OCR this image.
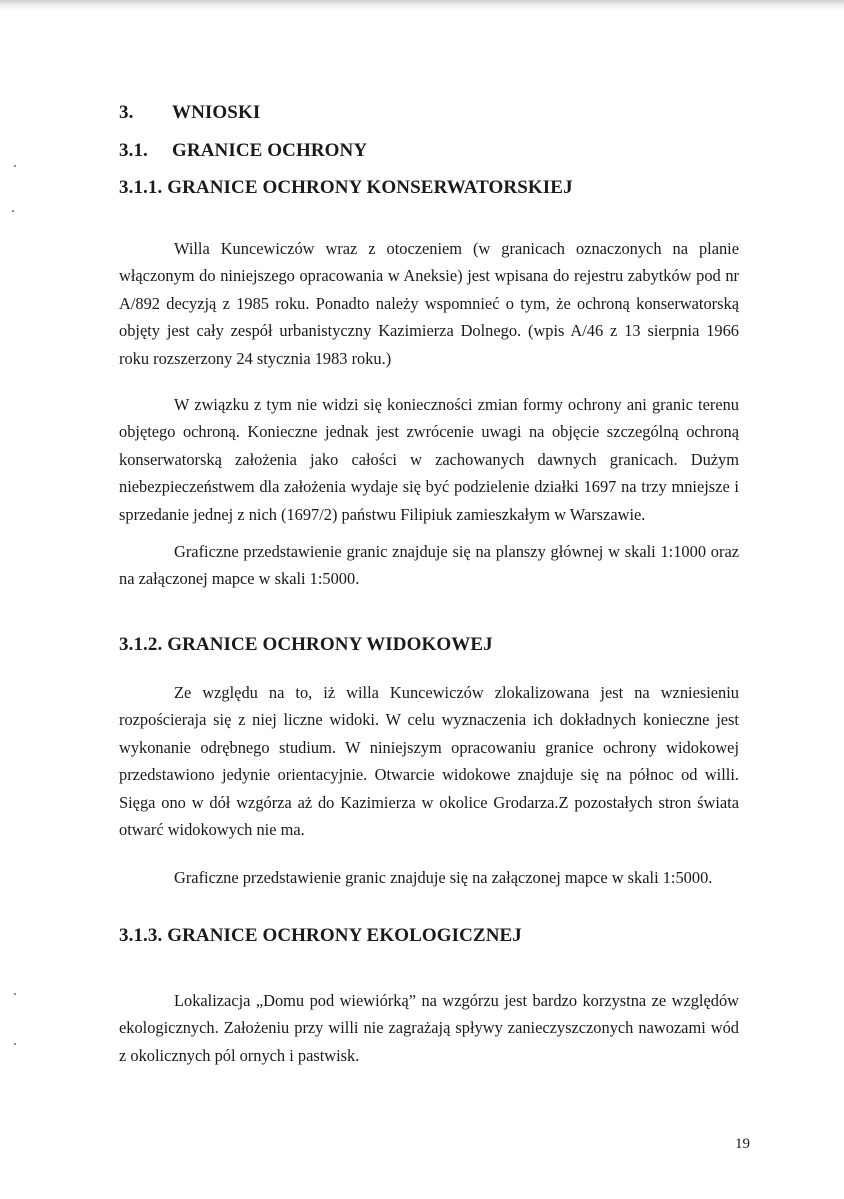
3. WNIOSKI
3.1. GRANICE OCHRONY
3.1.1. GRANICE OCHRONY KONSERWATORSKIEJ

Willa Kuncewiczów wraz z otoczeniem (w granicach oznaczonych na planie włączonym do niniejszego opracowania w Aneksie) jest wpisana do rejestru zabytków pod nr A/892 decyzją z 1985 roku. Ponadto należy wspomnieć o tym, że ochroną konserwatorską objęty jest cały zespół urbanistyczny Kazimierza Dolnego. (wpis A/46 z 13 sierpnia 1966 roku rozszerzony 24 stycznia 1983 roku.)

W związku z tym nie widzi się konieczności zmian formy ochrony ani granic terenu objętego ochroną. Konieczne jednak jest zwrócenie uwagi na objęcie szczególną ochroną konserwatorską założenia jako całości w zachowanych dawnych granicach. Dużym niebezpieczeństwem dla założenia wydaje się być podzielenie działki 1697 na trzy mniejsze i sprzedanie jednej z nich (1697/2) państwu Filipiuk zamieszkałym w Warszawie.

Graficzne przedstawienie granic znajduje się na planszy głównej w skali 1:1000 oraz na załączonej mapce w skali 1:5000.

3.1.2. GRANICE OCHRONY WIDOKOWEJ

Ze względu na to, iż willa Kuncewiczów zlokalizowana jest na wzniesieniu rozpościeraja się z niej liczne widoki. W celu wyznaczenia ich dokładnych konieczne jest wykonanie odrębnego studium. W niniejszym opracowaniu granice ochrony widokowej przedstawiono jedynie orientacyjnie. Otwarcie widokowe znajduje się na północ od willi. Sięga ono w dół wzgórza aż do Kazimierza w okolice Grodarza.Z pozostałych stron świata otwarć widokowych nie ma.

Graficzne przedstawienie granic znajduje się na załączonej mapce w skali 1:5000.

3.1.3. GRANICE OCHRONY EKOLOGICZNEJ

Lokalizacja „Domu pod wiewiórką” na wzgórzu jest bardzo korzystna ze względów ekologicznych. Założeniu przy willi nie zagrażają spływy zanieczyszczonych nawozami wód z okolicznych pól ornych i pastwisk.

19
